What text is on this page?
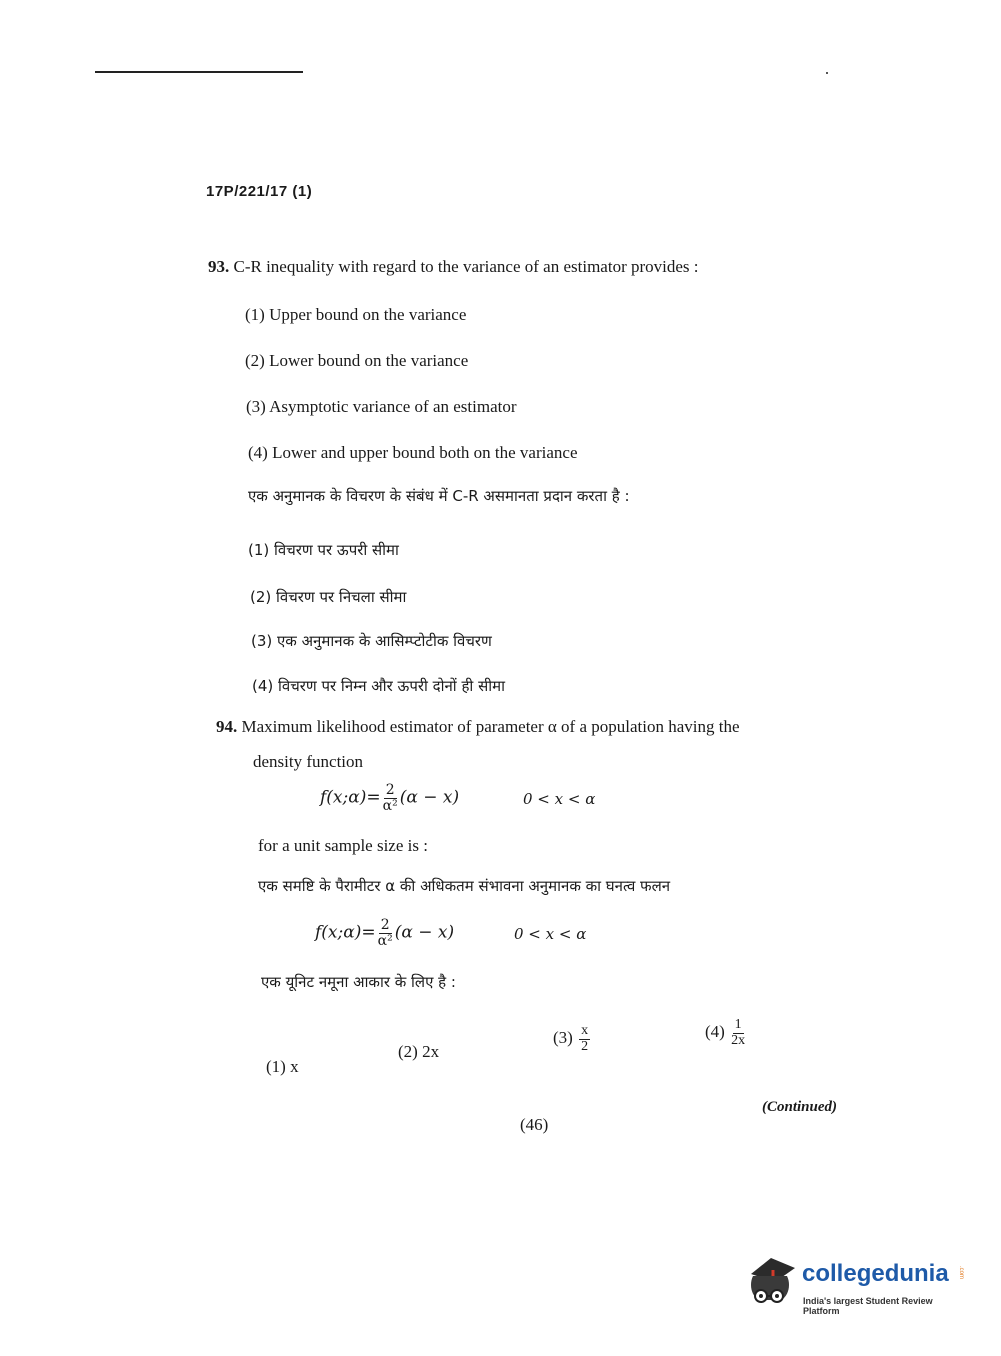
17P/221/17 (1)
93. C-R inequality with regard to the variance of an estimator provides :
(1) Upper bound on the variance
(2) Lower bound on the variance
(3) Asymptotic variance of an estimator
(4) Lower and upper bound both on the variance
एक अनुमानक के विचरण के संबंध में C-R असमानता प्रदान करता है :
(1) विचरण पर ऊपरी सीमा
(2) विचरण पर निचला सीमा
(3) एक अनुमानक के आसिम्प्टोटीक विचरण
(4) विचरण पर निम्न और ऊपरी दोनों ही सीमा
94. Maximum likelihood estimator of parameter α of a population having the
density function
f(x;α)= $\frac{2}{\text{α²}} (\alpha - x)$	0 < x < α
for a unit sample size is :
एक समष्टि के पैरामीटर α की अधिकतम संभावना अनुमानक का घनत्व फलन
f(x;α)= $\frac{2}{\text{α²}} (\alpha - x)$	0 < x < α
एक यूनिट नमूना आकार के लिए है :
(1) x
(2) 2x
$(3) \frac{x}{2}$	$(4) \frac{1}{2x}$
(Continued)
(46)
collegedunia .com
India's largest Student Review Platform
